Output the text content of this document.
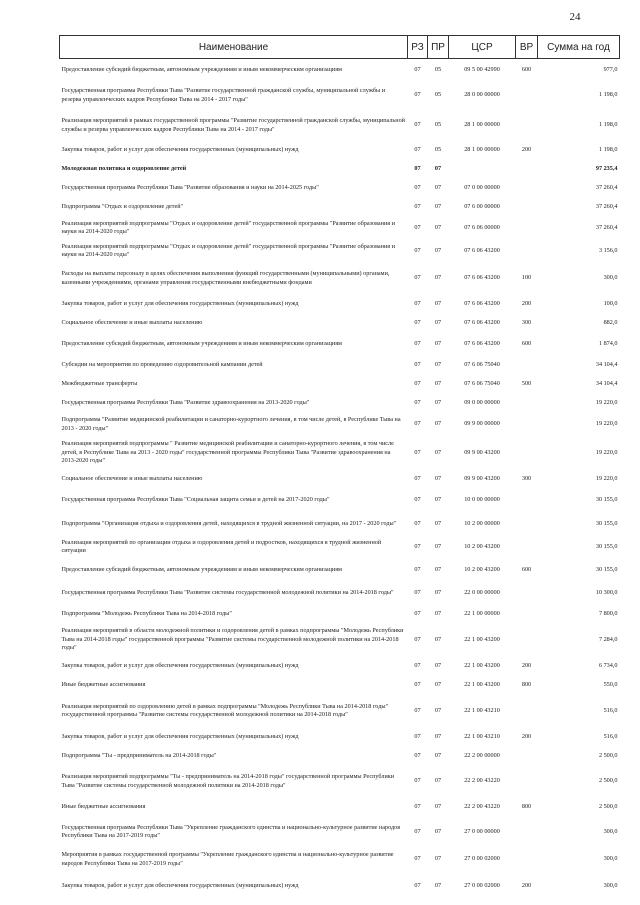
24
Наименование	РЗ	ПР	ЦСР	ВР	Сумма на год
Предоставление субсидий бюджетным, автономным учреждениям и иным некоммерческим организациям	07	05	09 5 00 42990	600	977,0
Государственная программа Республики Тыва "Развитие государственной гражданской службы, муниципальной службы и резерва управленческих кадров Республики Тыва на 2014 - 2017 годы"	07	05	28 0 00 00000		1 198,0
Реализация мероприятий в рамках государственной программы "Развитие государственной гражданской службы, муниципальной службы и резерва управленческих кадров Республики Тыва на 2014 - 2017 годы"	07	05	28 1 00 00000		1 198,0
Закупка товаров, работ и услуг для обеспечения государственных (муниципальных) нужд	07	05	28 1 00 00000	200	1 198,0
Молодежная политика и оздоровление детей	07	07			97 235,4
Государственная программа Республики Тыва "Развитие образования и науки на 2014-2025 годы"	07	07	07 0 00 00000		37 260,4
Подпрограмма "Отдых и оздоровление детей"	07	07	07 6 00 00000		37 260,4
Реализация мероприятий подпрограммы "Отдых и оздоровление детей" государственной программы "Развитие образования и науки на 2014-2020 годы"	07	07	07 6 06 00000		37 260,4
Реализация мероприятий подпрограммы "Отдых и оздоровление детей" государственной программы "Развитие образования и науки на 2014-2020 годы"	07	07	07 6 06 43200		3 156,0
Расходы на выплаты персоналу в целях обеспечения выполнения функций государственными (муниципальными) органами, казенными учреждениями, органами управления государственными внебюджетными фондами	07	07	07 6 06 43200	100	300,0
Закупка товаров, работ и услуг для обеспечения государственных (муниципальных) нужд	07	07	07 6 06 43200	200	100,0
Социальное обеспечение и иные выплаты населению	07	07	07 6 06 43200	300	882,0
Предоставление субсидий бюджетным, автономным учреждениям и иным некоммерческим организациям	07	07	07 6 06 43200	600	1 874,0
Субсидии на мероприятия по проведению оздоровительной кампании детей	07	07	07 6 06 75040		34 104,4
Межбюджетные трансферты	07	07	07 6 06 75040	500	34 104,4
Государственная программа Республики Тыва "Развитие здравоохранения на 2013-2020 годы"	07	07	09 0 00 00000		19 220,0
Подпрограмма "Развитие медицинской реабилитации и санаторно-курортного лечения, в том числе детей, в Республике Тыва на 2013 - 2020 годы"	07	07	09 9 00 00000		19 220,0
Реализация мероприятий подпрограммы " Развитие медицинской реабилитации и санаторно-курортного лечения, в том числе детей, в Республике Тыва на 2013 - 2020 годы" государственной программы Республики Тыва "Развитие здравоохранения на 2013-2020 годы"	07	07	09 9 00 43200		19 220,0
Социальное обеспечение и иные выплаты населению	07	07	09 9 00 43200	300	19 220,0
Государственная программа Республики Тыва "Социальная защита семьи и детей на 2017-2020 годы"	07	07	10 0 00 00000		30 155,0
Подпрограмма "Организация отдыха и оздоровления детей, находящихся в трудной жизненной ситуации, на 2017 - 2020 годы"	07	07	10 2 00 00000		30 155,0
Реализация мероприятий по организации отдыха и оздоровления детей и подростков, находящихся в трудной жизненной ситуации	07	07	10 2 00 43200		30 155,0
Предоставление субсидий бюджетным, автономным учреждениям и иным некоммерческим организациям	07	07	10 2 00 43200	600	30 155,0
Государственная программа Республики Тыва "Развитие системы государственной молодежной политики на 2014-2018 годы"	07	07	22 0 00 00000		10 300,0
Подпрограмма "Молодежь Республики Тыва на 2014-2018 годы"	07	07	22 1 00 00000		7 800,0
Реализация мероприятий в области молодежной политики и оздоровления детей в рамках подпрограммы "Молодежь Республики Тыва на 2014-2018 годы" государственной программы "Развитие системы государственной молодежной политики на 2014-2018 годы"	07	07	22 1 00 43200		7 284,0
Закупка товаров, работ и услуг для обеспечения государственных (муниципальных) нужд	07	07	22 1 00 43200	200	6 734,0
Иные бюджетные ассигнования	07	07	22 1 00 43200	800	550,0
Реализация мероприятий по оздоровлению детей в рамках подпрограммы "Молодежь Республики Тыва на 2014-2018 годы" государственной программы "Развитие системы государственной молодежной политики на 2014-2018 годы"	07	07	22 1 00 43210		516,0
Закупка товаров, работ и услуг для обеспечения государственных (муниципальных) нужд	07	07	22 1 00 43210	200	516,0
Подпрограмма "Ты - предприниматель на 2014-2018 годы"	07	07	22 2 00 00000		2 500,0
Реализация мероприятий подпрограммы "Ты - предприниматель на 2014-2018 годы" государственной программы Республики Тыва "Развитие системы государственной молодежной политики на 2014-2018 годы"	07	07	22 2 00 43220		2 500,0
Иные бюджетные ассигнования	07	07	22 2 00 43220	800	2 500,0
Государственная программа Республики Тыва "Укрепление гражданского единства и национально-культурное развитие народов Республики Тыва на 2017-2019 годы"	07	07	27 0 00 00000		300,0
Мероприятия в рамках государственной программы "Укрепление гражданского единства и национально-культурное развитие народов Республики Тыва на 2017-2019 годы"	07	07	27 0 00 02000		300,0
Закупка товаров, работ и услуг для обеспечения государственных (муниципальных) нужд	07	07	27 0 00 02000	200	300,0
